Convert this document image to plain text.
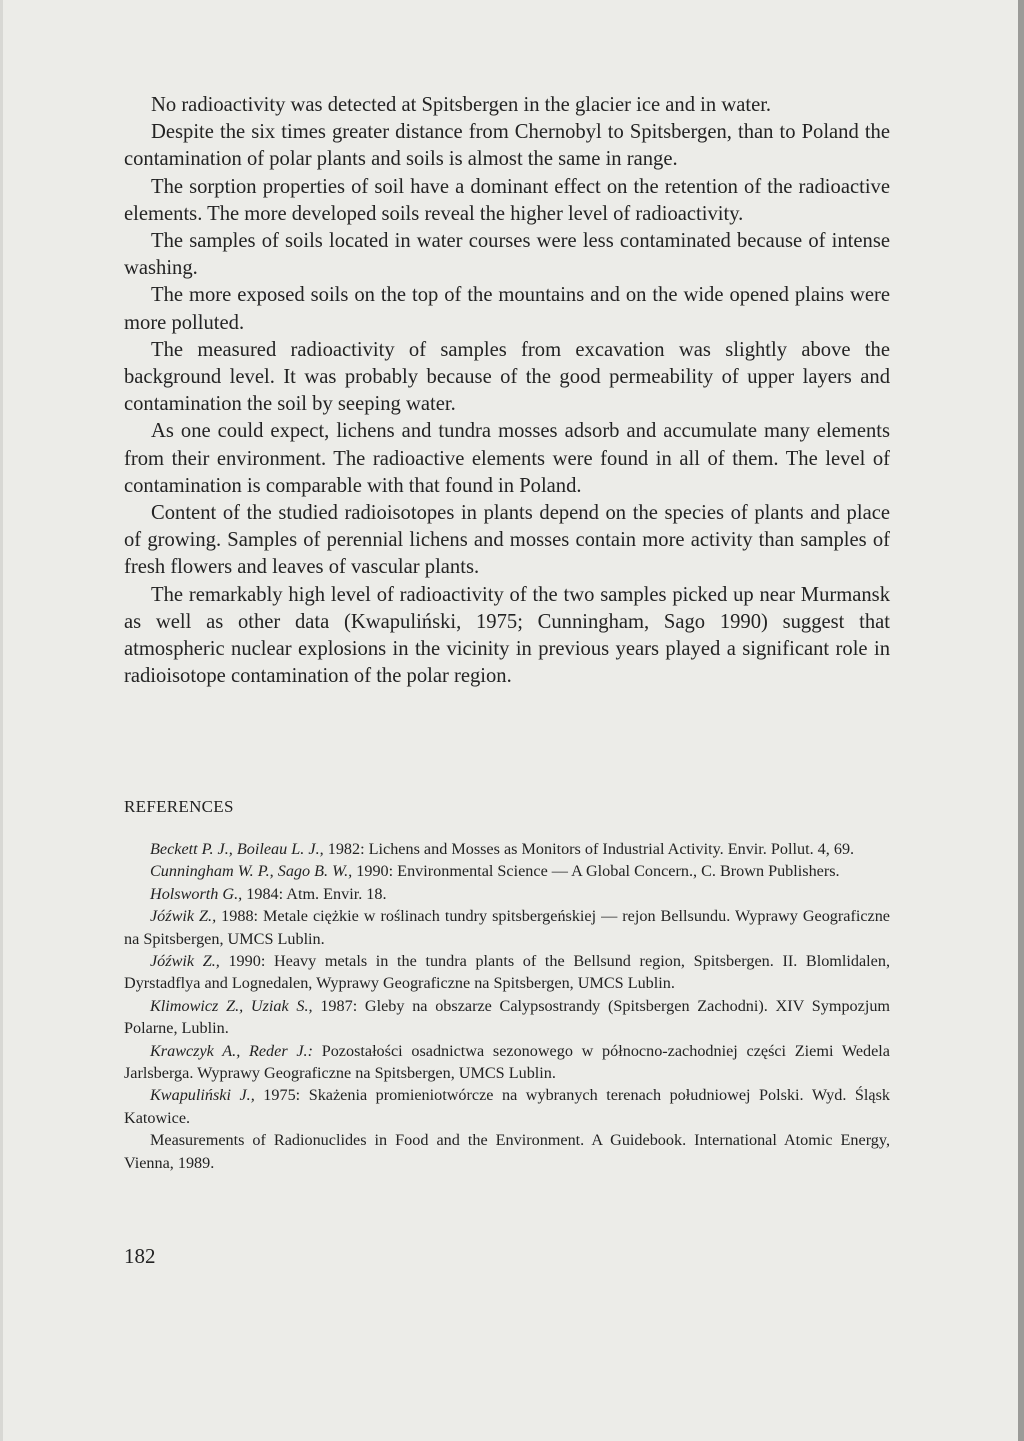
No radioactivity was detected at Spitsbergen in the glacier ice and in water.

Despite the six times greater distance from Chernobyl to Spitsbergen, than to Poland the contamination of polar plants and soils is almost the same in range.

The sorption properties of soil have a dominant effect on the retention of the radioactive elements. The more developed soils reveal the higher level of radioactivity.

The samples of soils located in water courses were less contaminated because of intense washing.

The more exposed soils on the top of the mountains and on the wide opened plains were more polluted.

The measured radioactivity of samples from excavation was slightly above the background level. It was probably because of the good permeability of upper layers and contamination the soil by seeping water.

As one could expect, lichens and tundra mosses adsorb and accumulate many elements from their environment. The radioactive elements were found in all of them. The level of contamination is comparable with that found in Poland.

Content of the studied radioisotopes in plants depend on the species of plants and place of growing. Samples of perennial lichens and mosses contain more activity than samples of fresh flowers and leaves of vascular plants.

The remarkably high level of radioactivity of the two samples picked up near Murmansk as well as other data (Kwapuliński, 1975; Cunningham, Sago 1990) suggest that atmospheric nuclear explosions in the vicinity in previous years played a significant role in radioisotope contamination of the polar region.

REFERENCES

Beckett P. J., Boileau L. J., 1982: Lichens and Mosses as Monitors of Industrial Activity. Envir. Pollut. 4, 69.

Cunningham W. P., Sago B. W., 1990: Environmental Science — A Global Concern., C. Brown Publishers.

Holsworth G., 1984: Atm. Envir. 18.

Jóźwik Z., 1988: Metale ciężkie w roślinach tundry spitsbergeńskiej — rejon Bellsundu. Wyprawy Geograficzne na Spitsbergen, UMCS Lublin.

Jóźwik Z., 1990: Heavy metals in the tundra plants of the Bellsund region, Spitsbergen. II. Blomlidalen, Dyrstadflya and Lognedalen, Wyprawy Geograficzne na Spitsbergen, UMCS Lublin.

Klimowicz Z., Uziak S., 1987: Gleby na obszarze Calypsostrandy (Spitsbergen Zachodni). XIV Sympozjum Polarne, Lublin.

Krawczyk A., Reder J.: Pozostałości osadnictwa sezonowego w północno-zachodniej części Ziemi Wedela Jarlsberga. Wyprawy Geograficzne na Spitsbergen, UMCS Lublin.

Kwapuliński J., 1975: Skażenia promieniotwórcze na wybranych terenach południowej Polski. Wyd. Śląsk Katowice.

Measurements of Radionuclides in Food and the Environment. A Guidebook. International Atomic Energy, Vienna, 1989.

182
